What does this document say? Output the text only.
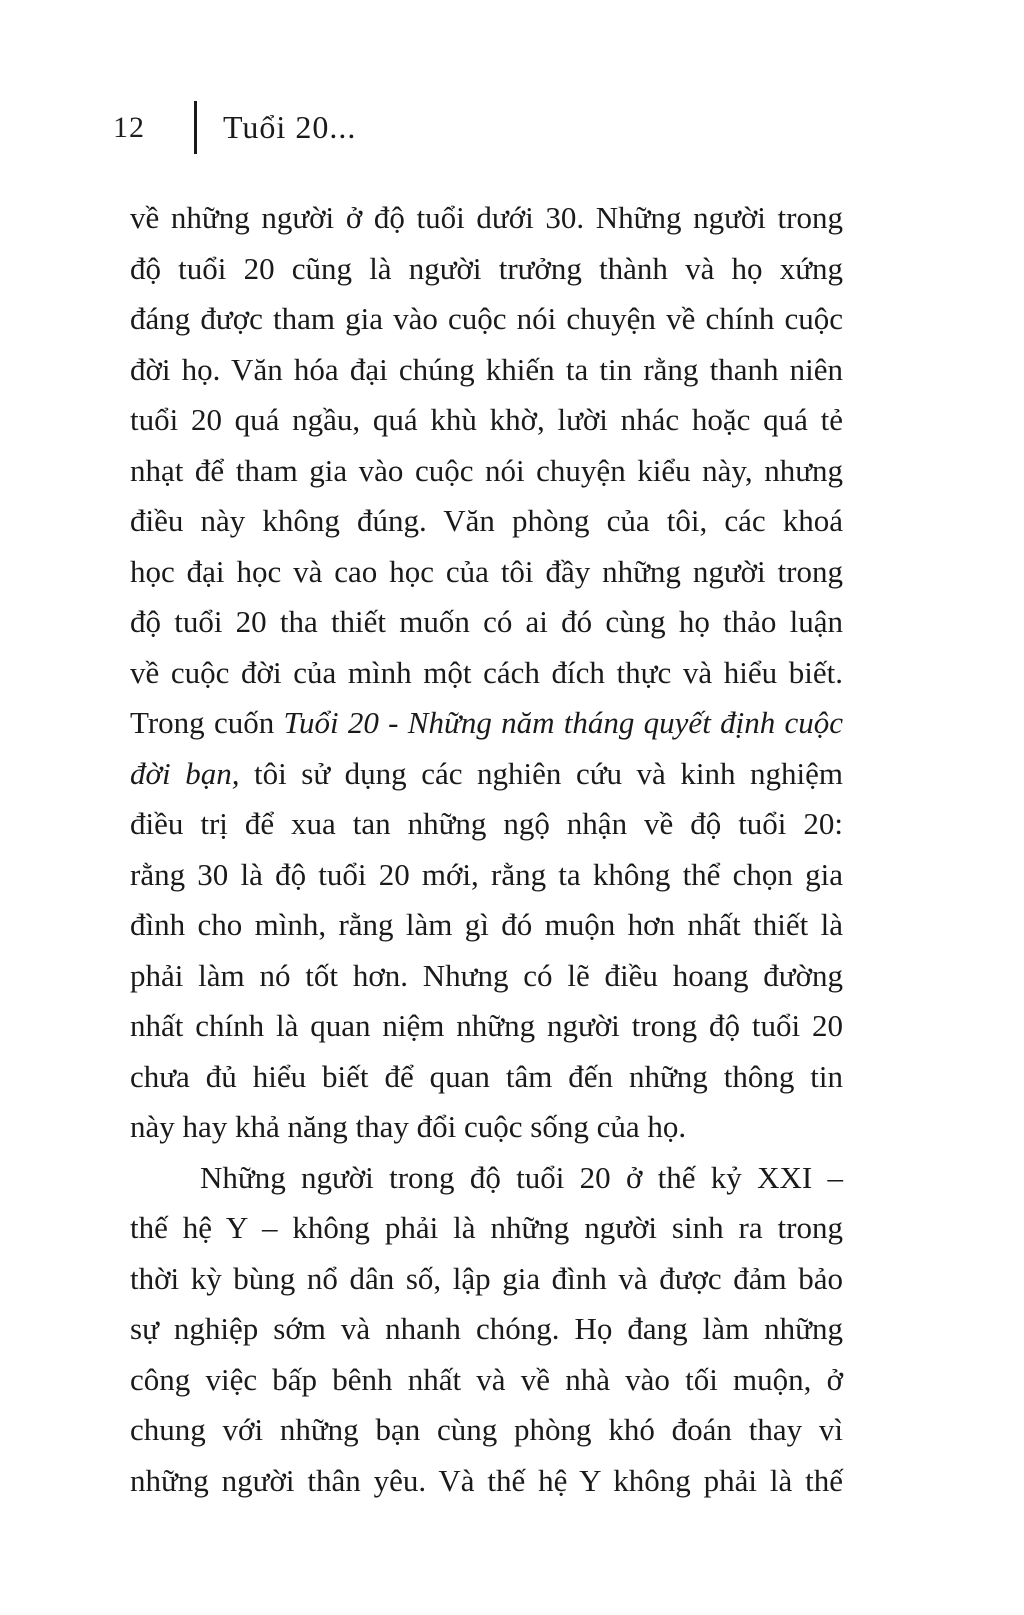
12 Tuổi 20...
về những người ở độ tuổi dưới 30. Những người trong
độ tuổi 20 cũng là người trưởng thành và họ xứng
đáng được tham gia vào cuộc nói chuyện về chính cuộc
đời họ. Văn hóa đại chúng khiến ta tin rằng thanh niên
tuổi 20 quá ngầu, quá khù khờ, lười nhác hoặc quá tẻ
nhạt để tham gia vào cuộc nói chuyện kiểu này, nhưng
điều này không đúng. Văn phòng của tôi, các khoá
học đại học và cao học của tôi đầy những người trong
độ tuổi 20 tha thiết muốn có ai đó cùng họ thảo luận
về cuộc đời của mình một cách đích thực và hiểu biết.
Trong cuốn Tuổi 20 - Những năm tháng quyết định cuộc
đời bạn, tôi sử dụng các nghiên cứu và kinh nghiệm
điều trị để xua tan những ngộ nhận về độ tuổi 20:
rằng 30 là độ tuổi 20 mới, rằng ta không thể chọn gia
đình cho mình, rằng làm gì đó muộn hơn nhất thiết là
phải làm nó tốt hơn. Nhưng có lẽ điều hoang đường
nhất chính là quan niệm những người trong độ tuổi 20
chưa đủ hiểu biết để quan tâm đến những thông tin
này hay khả năng thay đổi cuộc sống của họ.
Những người trong độ tuổi 20 ở thế kỷ XXI –
thế hệ Y – không phải là những người sinh ra trong
thời kỳ bùng nổ dân số, lập gia đình và được đảm bảo
sự nghiệp sớm và nhanh chóng. Họ đang làm những
công việc bấp bênh nhất và về nhà vào tối muộn, ở
chung với những bạn cùng phòng khó đoán thay vì
những người thân yêu. Và thế hệ Y không phải là thế
